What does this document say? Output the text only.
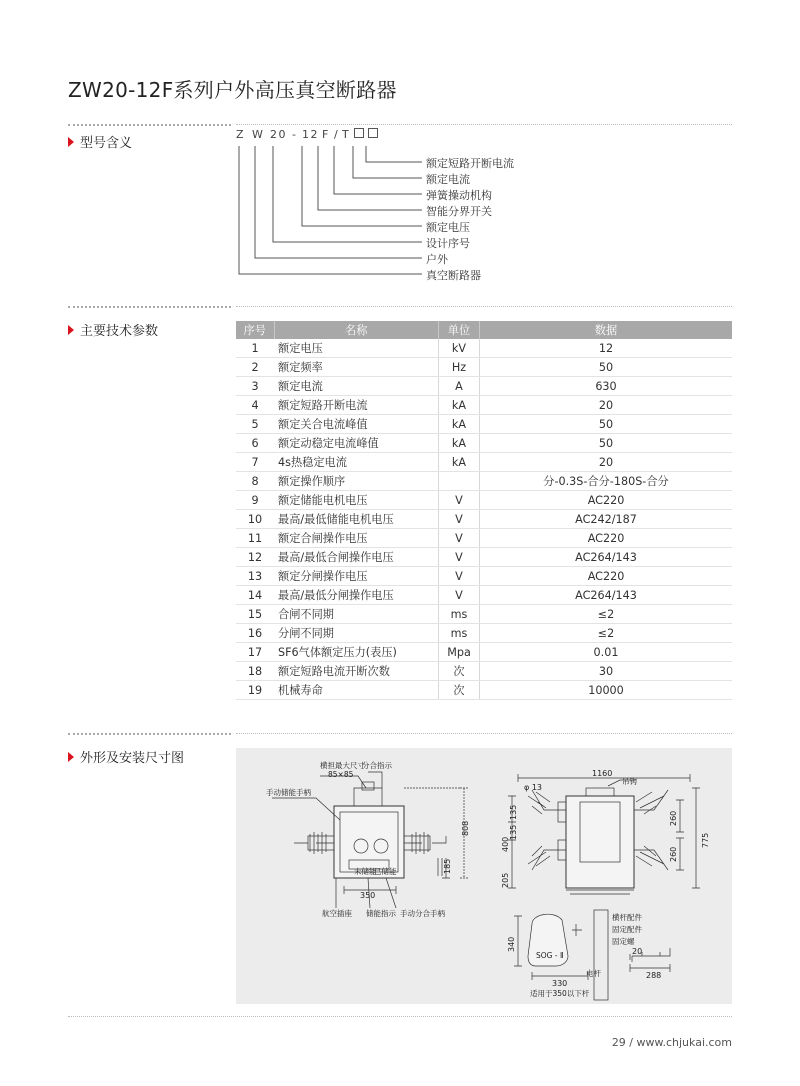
ZW20-12F系列户外高压真空断路器
型号含义
Z W 20 - 12 F / T
额定短路开断电流
额定电流
弹簧操动机构
智能分界开关
额定电压
设计序号
户外
真空断路器
主要技术参数	序号	名称	单位	数据
1	额定电压	kV	12
2	额定频率	Hz	50
3	额定电流	A	630
4	额定短路开断电流	kA	20
5	额定关合电流峰值	kA	50
6	额定动稳定电流峰值	kA	50
7	4s热稳定电流	kA	20
8	额定操作顺序		分-0.3S-合分-180S-合分
9	额定储能电机电压	V	AC220
10	最高/最低储能电机电压	V	AC242/187
11	额定合闸操作电压	V	AC220
12	最高/最低合闸操作电压	V	AC264/143
13	额定分闸操作电压	V	AC220
14	最高/最低分闸操作电压	V	AC264/143
15	合闸不同期	ms	≤2
16	分闸不同期	ms	≤2
17	SF6气体额定压力(表压)	Mpa	0.01
18	额定短路电流开断次数	次	30
19	机械寿命	次	10000
外形及安装尺寸图	横担最大尺寸
85×85
分合指示
手动储能手柄
未储能
已储能
航空插座 储能指示 手动分合手柄
808
185
350
1160
吊钩
φ 13
400
135
135
205
260
260
775
340
SOG - Ⅱ
330
适用于350以下杆
电杆
横杆配件
固定配件
固定螺
20
288
29 / www.chjukai.com
